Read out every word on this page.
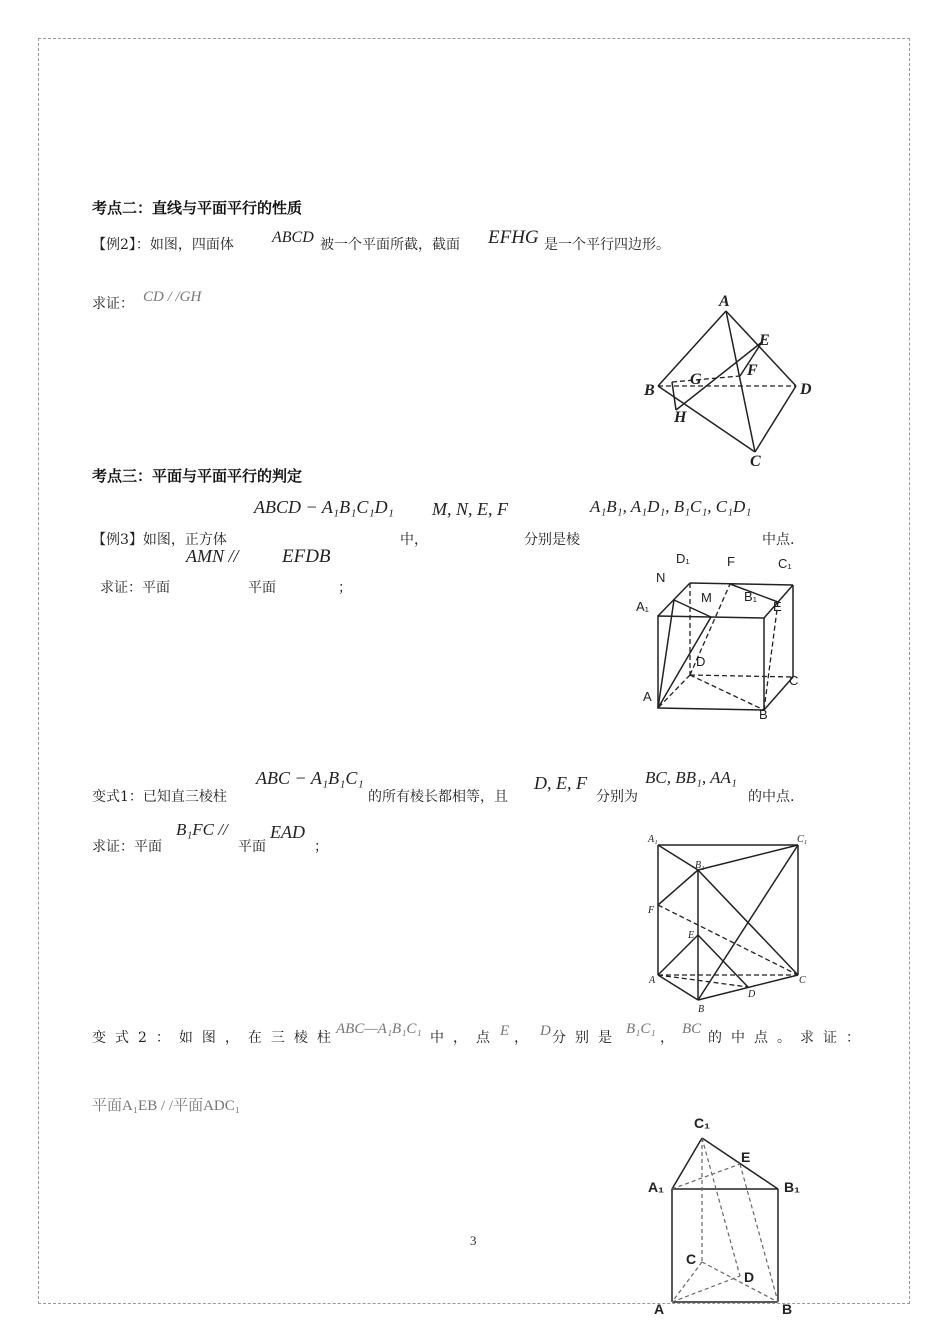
考点二：直线与平面平行的性质
【例2】：如图，四面体 ABCD 被一个平面所截，截面 EFHG 是一个平行四边形。
求证： CD / /GH	A
B
C
D
E
F
G
H
考点三：平面与平面平行的判定
ABCD − A₁B₁C₁D₁ M, N, E, F	A₁B₁, A₁D₁, B₁C₁, C₁D₁
【例3】如图，正方体	中，	分别是棱	中点.
AMN // EFDB
求证：平面	平面	；
D₁	F	C₁
N
A₁
M B₁
E
D
C
A
B
变式1：已知直三棱柱
ABC − A₁B₁C₁
的所有棱长都相等，且
D, E, F
分别为
BC, BB₁, AA₁
的中点.
求证：平面
B₁FC //
平面
EAD
；	A₁	C₁
B₁
F
E
A	C
B
D
变式2：如图，在三棱柱
ABC—A₁B₁C₁
中，点 E ， D 分别是
B₁C₁
，
BC
的中点。求证：
平面A₁EB / /平面ADC₁
C₁
E
A₁	B₁
C
D
A	B
3
